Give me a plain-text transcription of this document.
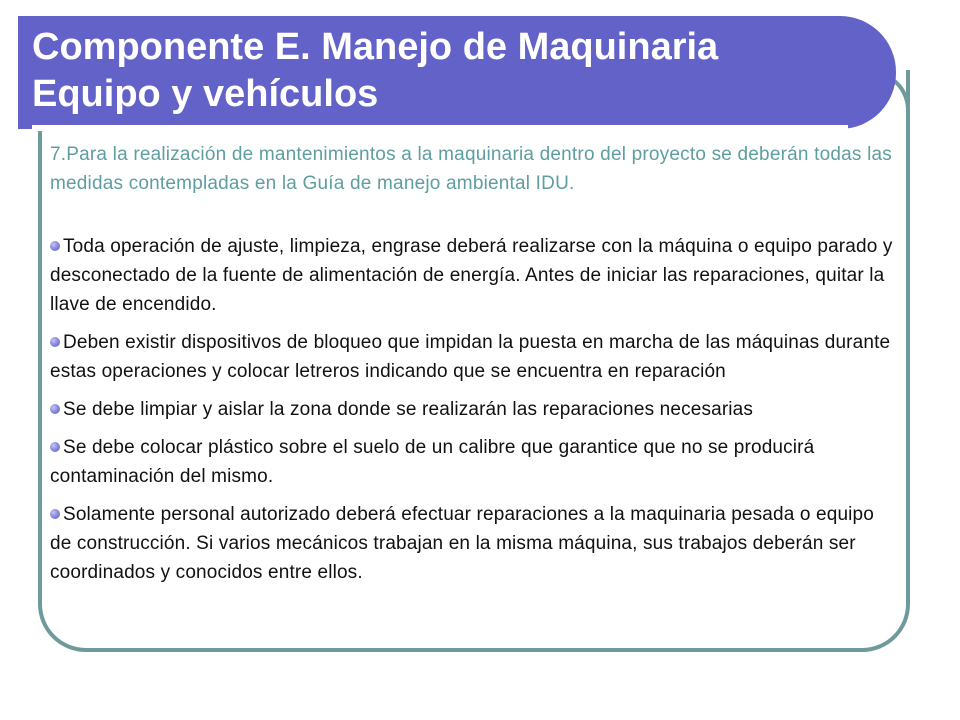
Componente E. Manejo de Maquinaria
Equipo y vehículos

7.Para la realización de mantenimientos a la maquinaria dentro del proyecto se deberán todas las medidas contempladas en la Guía de manejo ambiental IDU.

Toda operación de ajuste, limpieza, engrase deberá realizarse con la máquina o equipo parado y desconectado de la fuente de alimentación de energía. Antes de iniciar las reparaciones, quitar la llave de encendido.
Deben existir dispositivos de bloqueo que impidan la puesta en marcha de las máquinas durante estas operaciones y colocar letreros indicando que se encuentra en reparación
Se debe limpiar y aislar la zona donde se realizarán las reparaciones necesarias
Se debe colocar plástico sobre el suelo de un calibre que garantice que no se producirá contaminación del mismo.
Solamente personal autorizado deberá efectuar reparaciones a la maquinaria pesada o equipo de construcción. Si varios mecánicos trabajan en la misma máquina, sus trabajos deberán ser coordinados y conocidos entre ellos.
